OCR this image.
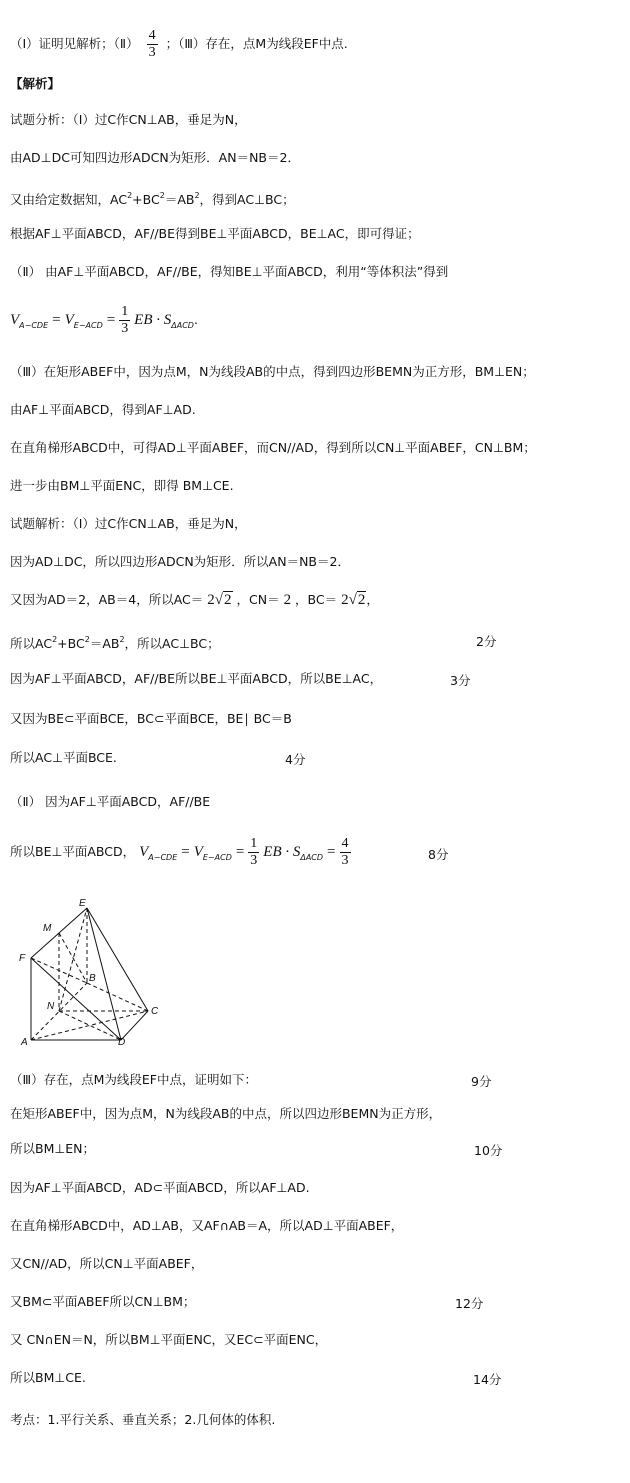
（Ⅰ）证明见解析；（Ⅱ） $\frac{4}{3}$ ；（Ⅲ）存在，点M为线段EF中点.
【解析】
试题分析：（Ⅰ）过C作CN⊥AB，垂足为N，
由AD⊥DC可知四边形ADCN为矩形．AN＝NB＝2．
又由给定数据知，$AC^2+BC^2=AB^2$，得到AC⊥BC；
根据AF⊥平面ABCD，AF//BE得到BE⊥平面ABCD，BE⊥AC，即可得证；
（Ⅱ） 由AF⊥平面ABCD，AF//BE，得知BE⊥平面ABCD，利用“等体积法”得到
$V_{A-CDE} = V_{E-ACD} = \frac{1}{3}$ EB · $S_{\Delta ACD}$.
（Ⅲ）在矩形ABEF中，因为点M，N为线段AB的中点，得到四边形BEMN为正方形，BM⊥EN；
由AF⊥平面ABCD，得到AF⊥AD.
在直角梯形ABCD中，可得AD⊥平面ABEF，而CN//AD，得到所以CN⊥平面ABEF，CN⊥BM；
进一步由BM⊥平面ENC，即得 BM⊥CE.
试题解析：（Ⅰ）过C作CN⊥AB，垂足为N，
因为AD⊥DC，所以四边形ADCN为矩形．所以AN＝NB＝2．
又因为AD＝2，AB＝4，所以AC＝ 2√2 ，CN＝ 2 ，BC＝ 2√2，
所以$AC^2+BC^2=AB^2$，所以AC⊥BC；	2分
因为AF⊥平面ABCD，AF//BE所以BE⊥平面ABCD，所以BE⊥AC，	3分
又因为BE⊂平面BCE，BC⊂平面BCE，BE∣ BC＝B
所以AC⊥平面BCE.	4分
（Ⅱ） 因为AF⊥平面ABCD，AF//BE
所以BE⊥平面ABCD， $V_{A-CDE} = V_{E-ACD} = \frac{1}{3}$ EB · $S_{\Delta ACD} = \frac{4}{3}$	8分
E
M
F
B
N	C
A	D
（Ⅲ）存在，点M为线段EF中点，证明如下：	9分
在矩形ABEF中，因为点M，N为线段AB的中点，所以四边形BEMN为正方形，
所以BM⊥EN；	10分
因为AF⊥平面ABCD，AD⊂平面ABCD，所以AF⊥AD.
在直角梯形ABCD中，AD⊥AB，又AF∩AB＝A，所以AD⊥平面ABEF，
又CN//AD，所以CN⊥平面ABEF，
又BM⊂平面ABEF所以CN⊥BM；	12分
又 CN∩EN＝N，所以BM⊥平面ENC，又EC⊂平面ENC，
所以BM⊥CE.	14分
考点：1.平行关系、垂直关系；2.几何体的体积.
